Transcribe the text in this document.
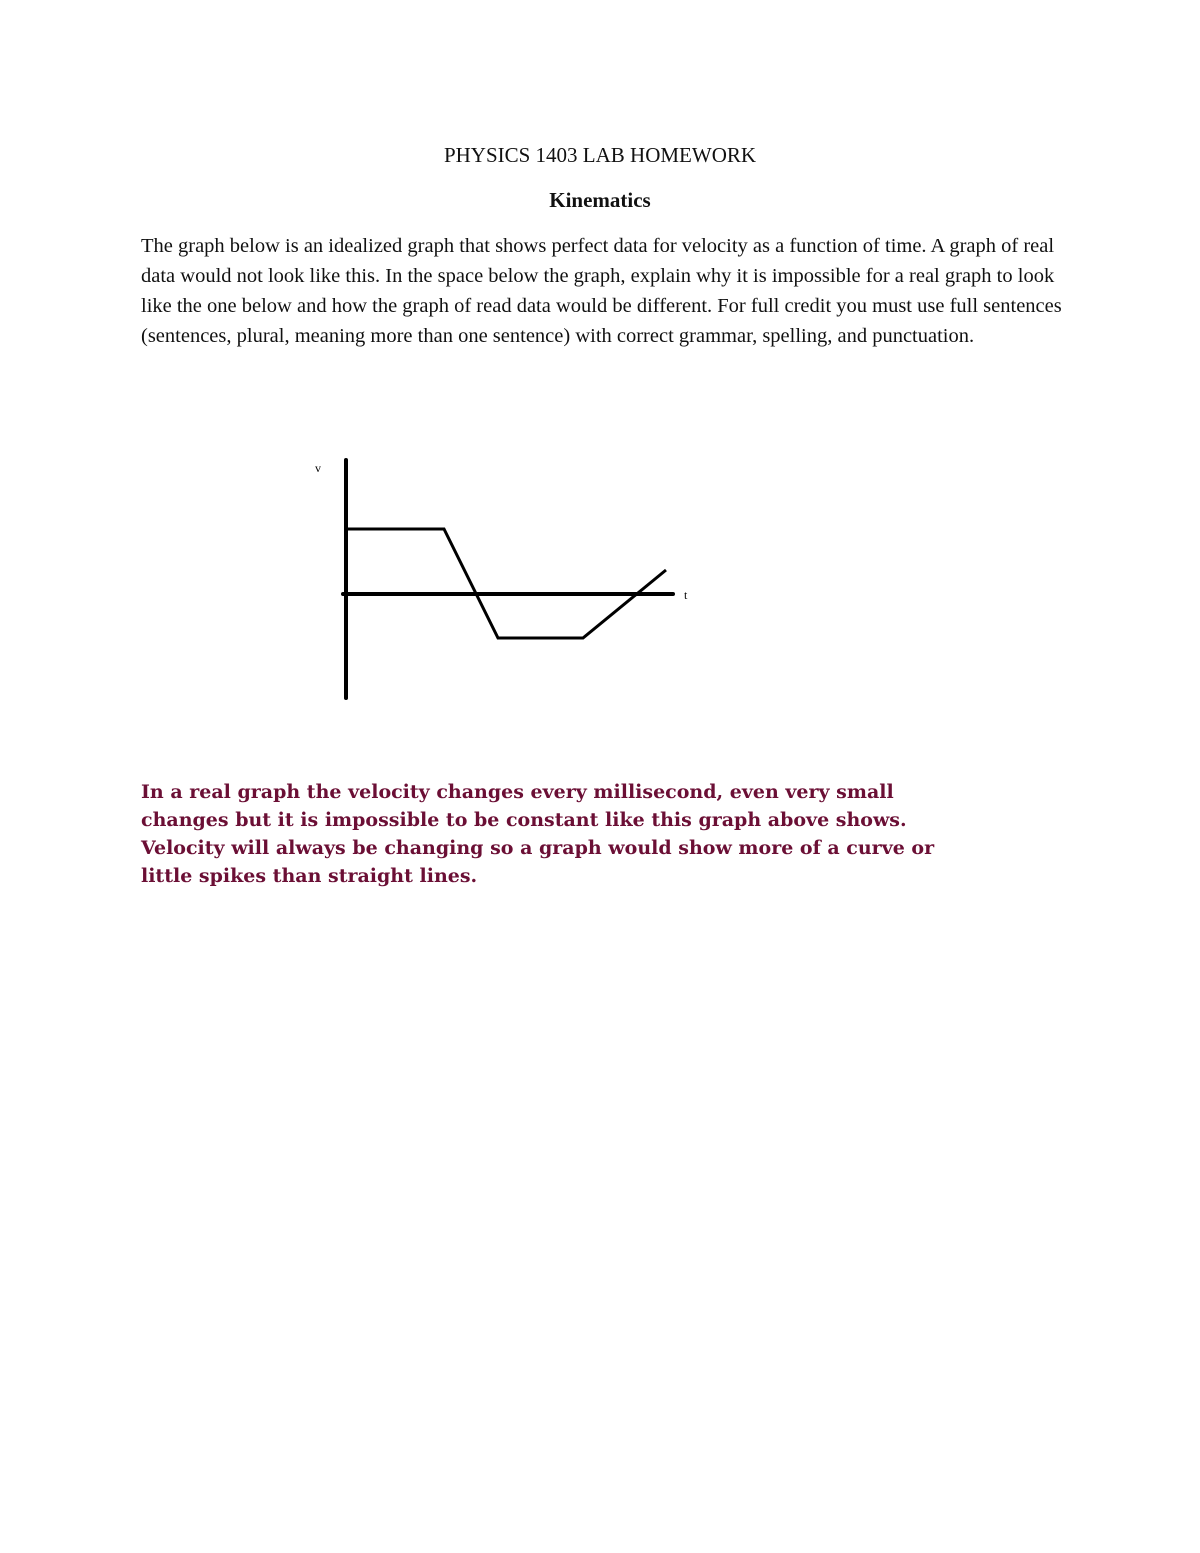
PHYSICS 1403 LAB HOMEWORK
Kinematics

The graph below is an idealized graph that shows perfect data for velocity as a function of time. A graph of real data would not look like this. In the space below the graph, explain why it is impossible for a real graph to look like the one below and how the graph of read data would be different. For full credit you must use full sentences (sentences, plural, meaning more than one sentence) with correct grammar, spelling, and punctuation.

v
t

In a real graph the velocity changes every millisecond, even very small changes but it is impossible to be constant like this graph above shows. Velocity will always be changing so a graph would show more of a curve or little spikes than straight lines.
